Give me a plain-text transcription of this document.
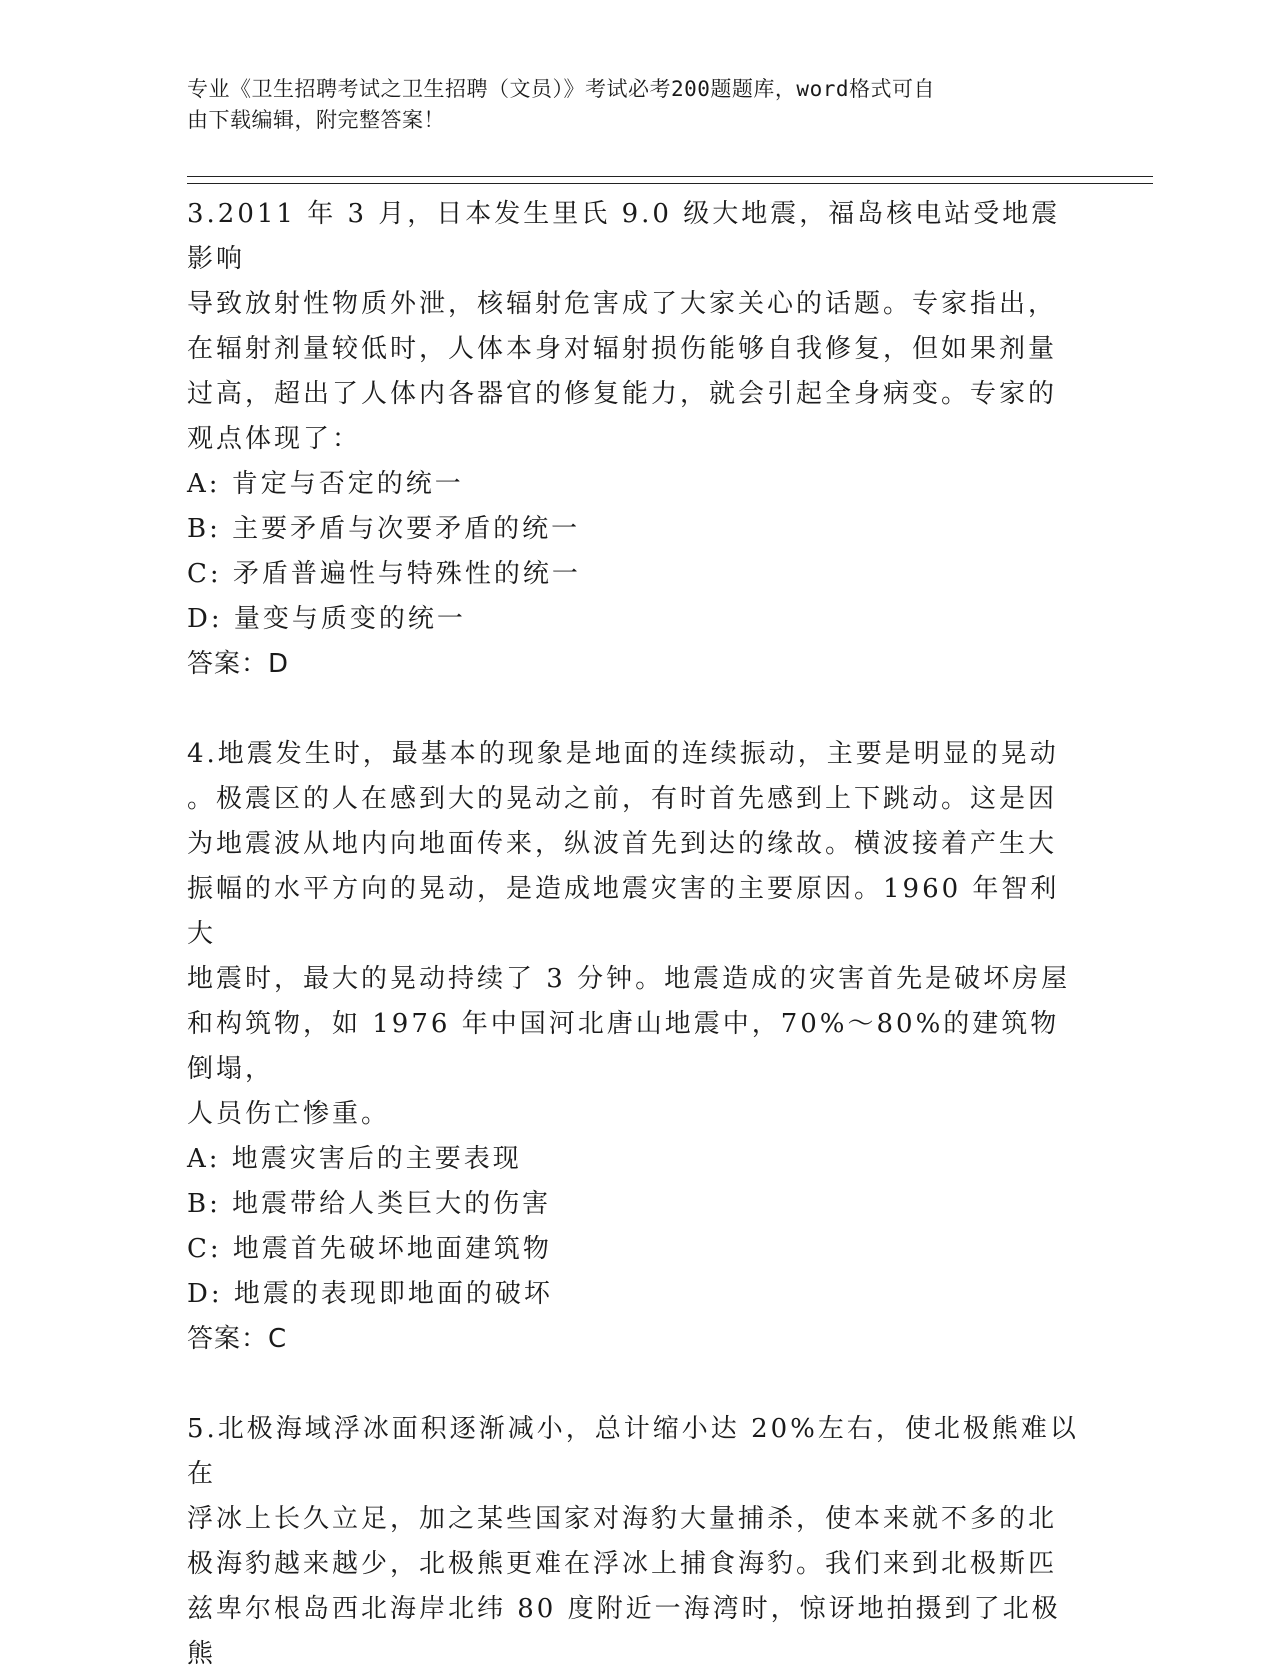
专业《卫生招聘考试之卫生招聘（文员）》考试必考200题题库，word格式可自
由下载编辑，附完整答案！

3.2011 年 3 月，日本发生里氏 9.0 级大地震，福岛核电站受地震影响

导致放射性物质外泄，核辐射危害成了大家关心的话题。专家指出，

在辐射剂量较低时，人体本身对辐射损伤能够自我修复，但如果剂量

过高，超出了人体内各器官的修复能力，就会引起全身病变。专家的

观点体现了：

A: 肯定与否定的统一

B: 主要矛盾与次要矛盾的统一

C: 矛盾普遍性与特殊性的统一

D: 量变与质变的统一

答案：D

4.地震发生时，最基本的现象是地面的连续振动，主要是明显的晃动

。极震区的人在感到大的晃动之前，有时首先感到上下跳动。这是因

为地震波从地内向地面传来，纵波首先到达的缘故。横波接着产生大

振幅的水平方向的晃动，是造成地震灾害的主要原因。1960 年智利大

地震时，最大的晃动持续了 3 分钟。地震造成的灾害首先是破坏房屋

和构筑物，如 1976 年中国河北唐山地震中，70%～80%的建筑物倒塌，

人员伤亡惨重。

A: 地震灾害后的主要表现

B: 地震带给人类巨大的伤害

C: 地震首先破坏地面建筑物

D: 地震的表现即地面的破坏

答案：C

5.北极海域浮冰面积逐渐减小，总计缩小达 20%左右，使北极熊难以在

浮冰上长久立足，加之某些国家对海豹大量捕杀，使本来就不多的北

极海豹越来越少，北极熊更难在浮冰上捕食海豹。我们来到北极斯匹

兹卑尔根岛西北海岸北纬 80 度附近一海湾时，惊讶地拍摄到了北极熊
